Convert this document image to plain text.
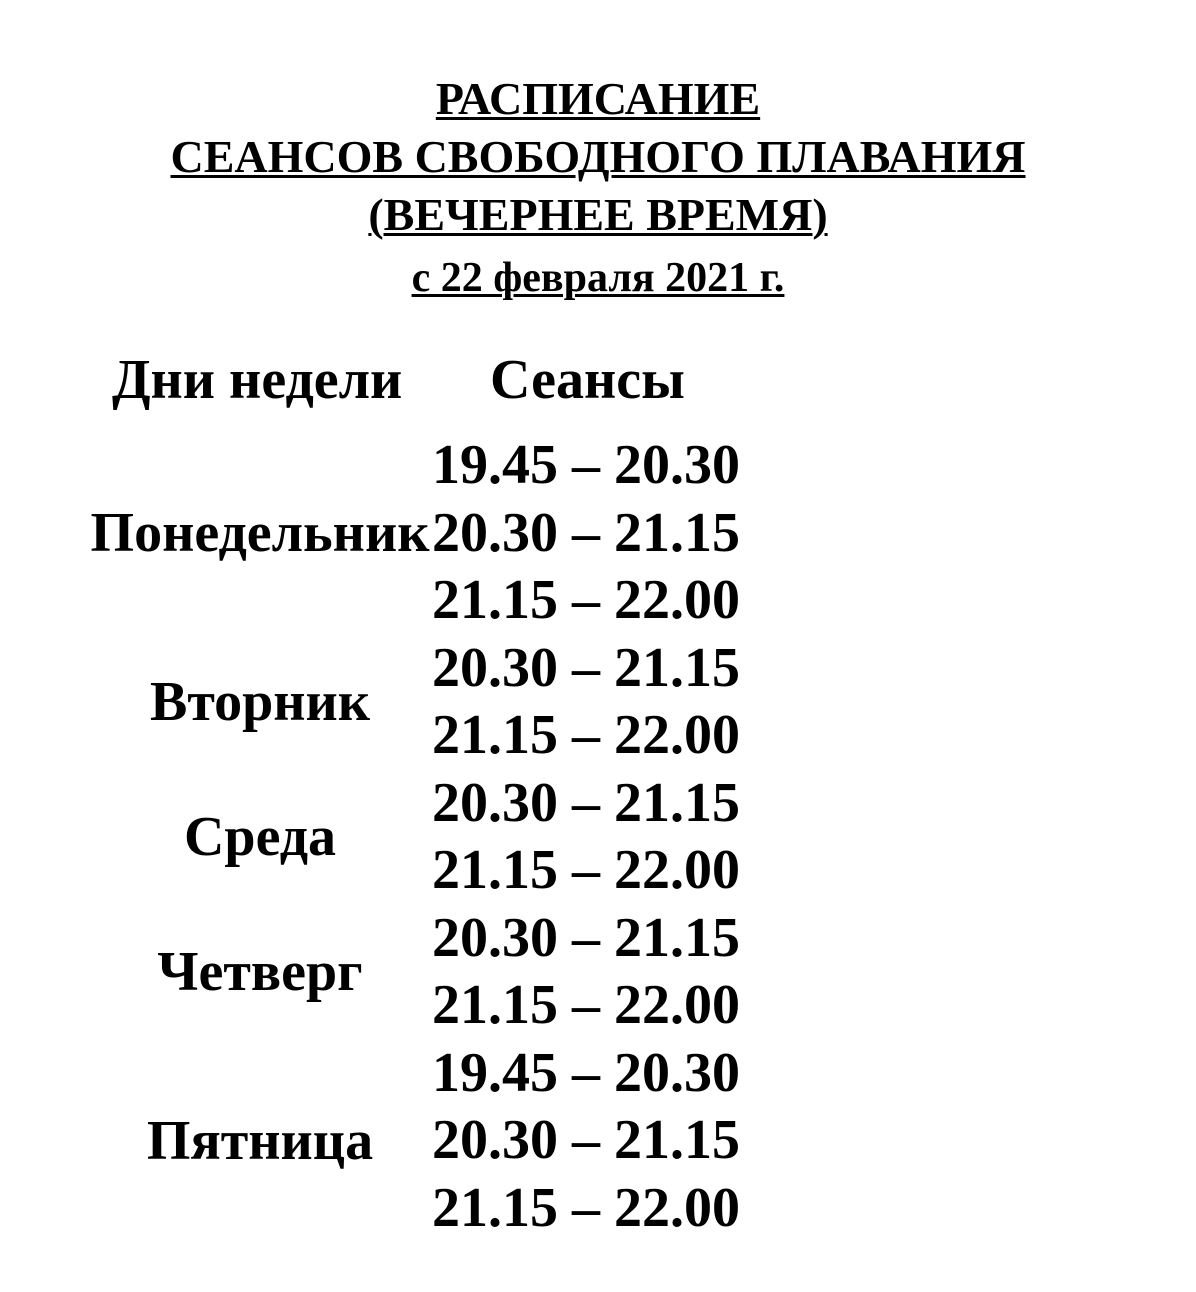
РАСПИСАНИЕ
СЕАНСОВ СВОБОДНОГО ПЛАВАНИЯ
(ВЕЧЕРНЕЕ ВРЕМЯ)
с 22 февраля 2021 г.
Дни недели Сеансы
Понедельник
19.45 – 20.30
20.30 – 21.15
21.15 – 22.00
Вторник
20.30 – 21.15
21.15 – 22.00
Среда
20.30 – 21.15
21.15 – 22.00
Четверг
20.30 – 21.15
21.15 – 22.00
Пятница
19.45 – 20.30
20.30 – 21.15
21.15 – 22.00
